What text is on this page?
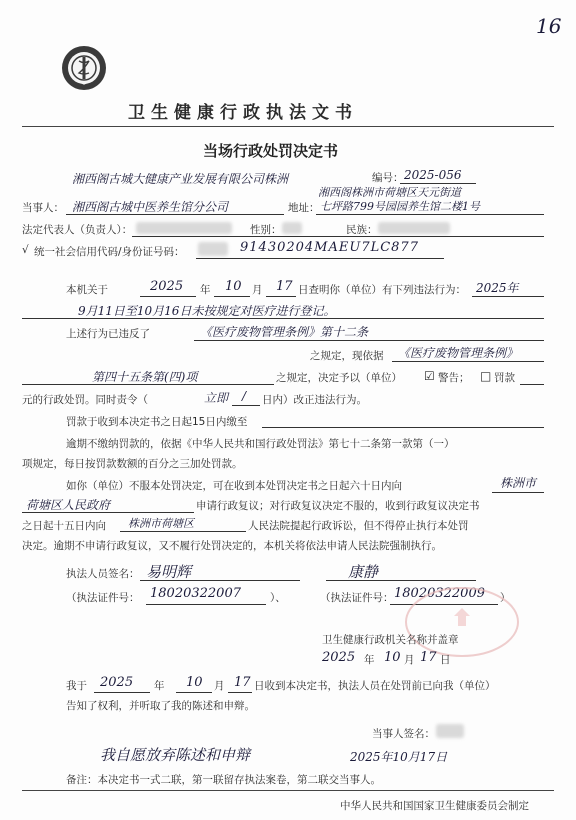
16
卫生健康行政执法文书
当场行政处罚决定书
湘西阁古城大健康产业发展有限公司株洲	编号： 2025-056
湘西阁株洲市荷塘区天元街道
当事人： 湘西阁古城中医养生馆分公司	地址： 七坪路799号园园养生馆二楼1号
法定代表人（负责人）：	性别：	民族：
√ 统一社会信用代码/身份证号码：	91430204MAEU7LC877
本机关于	2025 年 10 月 17 日查明你（单位）有下列违法行为： 2025年
9月11日至10月16日未按规定对医疗进行登记。
上述行为已违反了	《医疗废物管理条例》第十二条
之规定，现依据 《医疗废物管理条例》
第四十五条第(四)项	之规定，决定予以（单位） ☑ 警告； □ 罚款
元的行政处罚。同时责令（	立即 / 日内）改正违法行为。
罚款于收到本决定书之日起15日内缴至
逾期不缴纳罚款的，依据《中华人民共和国行政处罚法》第七十二条第一款第（一）
项规定，每日按罚款数额的百分之三加处罚款。
如你（单位）不服本处罚决定，可在收到本处罚决定书之日起六十日内向	株洲市
荷塘区人民政府	申请行政复议；对行政复议决定不服的，收到行政复议决定书
之日起十五日内向 株洲市荷塘区	人民法院提起行政诉讼，但不得停止执行本处罚
决定。逾期不申请行政复议，又不履行处罚决定的，本机关将依法申请人民法院强制执行。
执法人员签名： 易明辉	康静
（执法证件号： 18020322007	）、	（执法证件号： 18020322009 ）
卫生健康行政机关名称并盖章
2025 年 10 月 17 日
我于 2025 年 10 月 17 日收到本决定书，执法人员在处罚前已向我（单位）
告知了权利，并听取了我的陈述和申辩。
当事人签名：
我自愿放弃陈述和申辩	2025年10月17日
备注：本决定书一式二联，第一联留存执法案卷，第二联交当事人。
中华人民共和国国家卫生健康委员会制定
